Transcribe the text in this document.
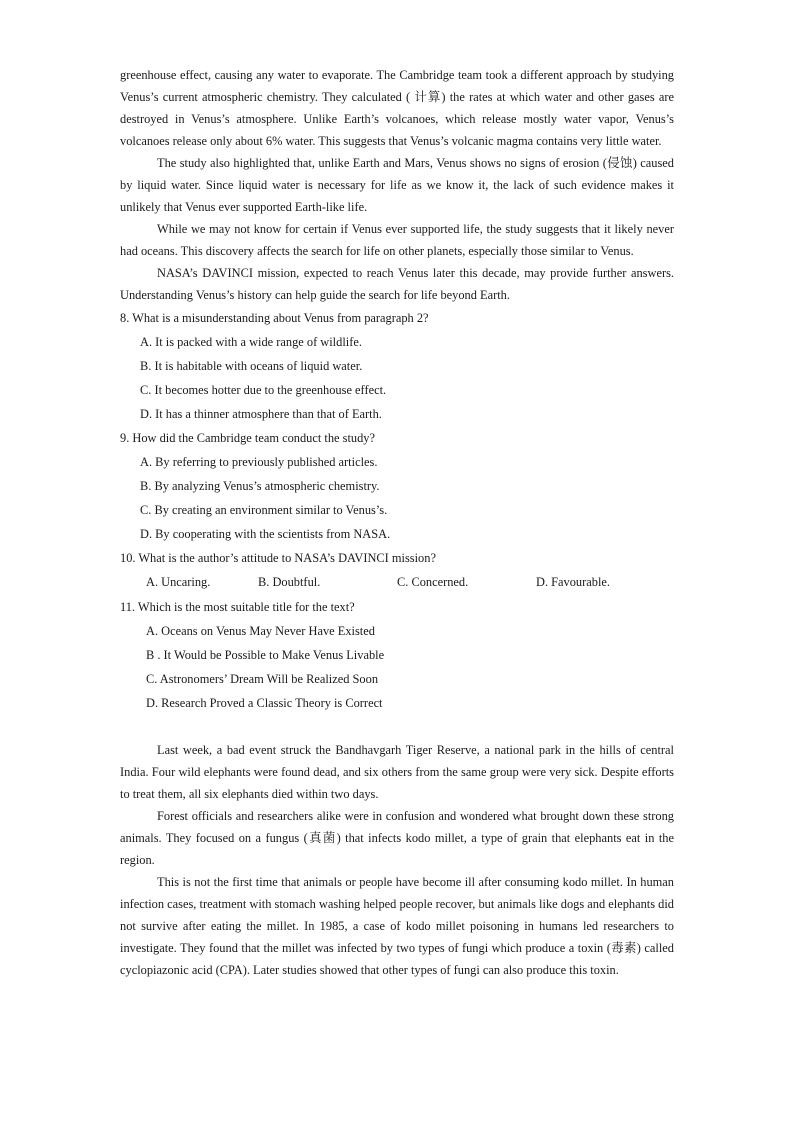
greenhouse effect, causing any water to evaporate. The Cambridge team took a different approach by studying Venus’s current atmospheric chemistry. They calculated ( 计算) the rates at which water and other gases are destroyed in Venus’s atmosphere. Unlike Earth’s volcanoes, which release mostly water vapor, Venus’s volcanoes release only about 6% water. This suggests that Venus’s volcanic magma contains very little water.

The study also highlighted that, unlike Earth and Mars, Venus shows no signs of erosion (侵蚀) caused by liquid water. Since liquid water is necessary for life as we know it, the lack of such evidence makes it unlikely that Venus ever supported Earth-like life.

While we may not know for certain if Venus ever supported life, the study suggests that it likely never had oceans. This discovery affects the search for life on other planets, especially those similar to Venus.

NASA’s DAVINCI mission, expected to reach Venus later this decade, may provide further answers. Understanding Venus’s history can help guide the search for life beyond Earth.

8. What is a misunderstanding about Venus from paragraph 2?

A. It is packed with a wide range of wildlife.

B. It is habitable with oceans of liquid water.

C. It becomes hotter due to the greenhouse effect.

D. It has a thinner atmosphere than that of Earth.

9. How did the Cambridge team conduct the study?

A. By referring to previously published articles.

B. By analyzing Venus’s atmospheric chemistry.

C. By creating an environment similar to Venus’s.

D. By cooperating with the scientists from NASA.

10. What is the author’s attitude to NASA’s DAVINCI mission?

A. Uncaring.	B. Doubtful.	C. Concerned.	D. Favourable.

11. Which is the most suitable title for the text?

A. Oceans on Venus May Never Have Existed

B . It Would be Possible to Make Venus Livable

C. Astronomers’ Dream Will be Realized Soon

D. Research Proved a Classic Theory is Correct

Last week, a bad event struck the Bandhavgarh Tiger Reserve, a national park in the hills of central India. Four wild elephants were found dead, and six others from the same group were very sick. Despite efforts to treat them, all six elephants died within two days.

Forest officials and researchers alike were in confusion and wondered what brought down these strong animals. They focused on a fungus (真菌) that infects kodo millet, a type of grain that elephants eat in the region.

This is not the first time that animals or people have become ill after consuming kodo millet. In human infection cases, treatment with stomach washing helped people recover, but animals like dogs and elephants did not survive after eating the millet. In 1985, a case of kodo millet poisoning in humans led researchers to investigate. They found that the millet was infected by two types of fungi which produce a toxin (毒素) called cyclopiazonic acid (CPA). Later studies showed that other types of fungi can also produce this toxin.
